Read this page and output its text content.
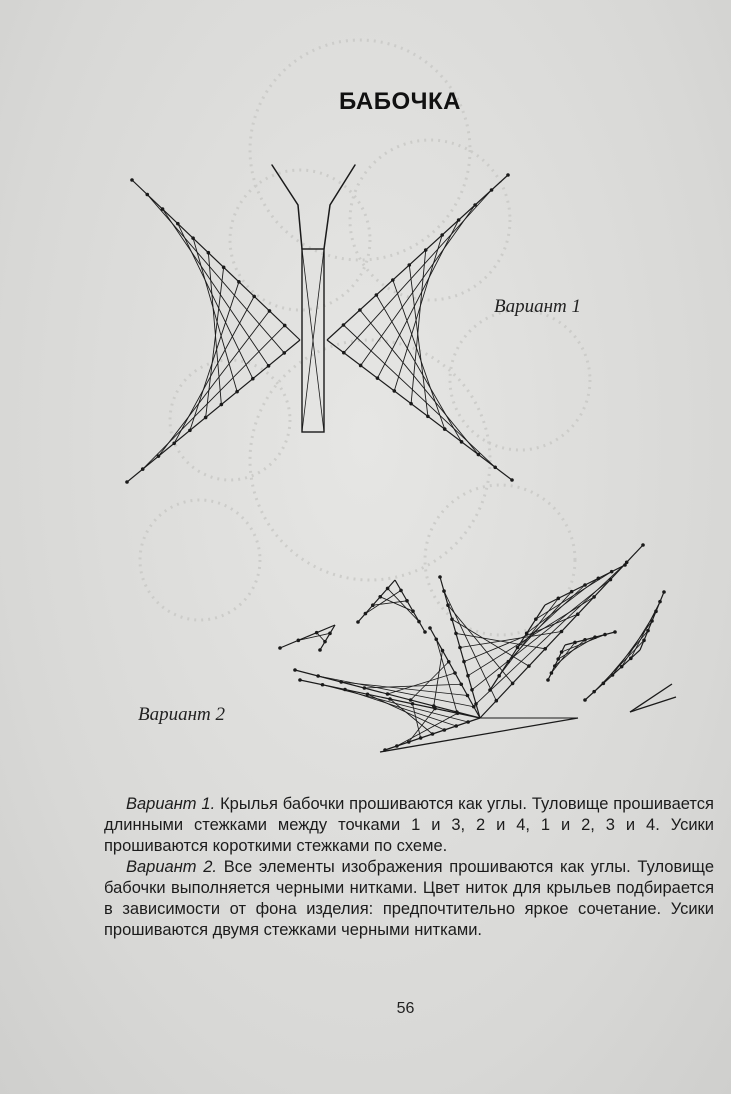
БАБОЧКА
Вариант 1
Вариант 2

Вариант 1. Крылья бабочки прошиваются как углы. Туловище прошивается длинными стежками между точками 1 и 3, 2 и 4, 1 и 2, 3 и 4. Усики прошиваются короткими стежками по схеме.

Вариант 2. Все элементы изображения прошиваются как углы. Туловище бабочки выполняется черными нитками. Цвет ниток для крыльев подбирается в зависимости от фона изделия: предпочтительно яркое сочетание. Усики прошиваются двумя стежками черными нитками.

56
